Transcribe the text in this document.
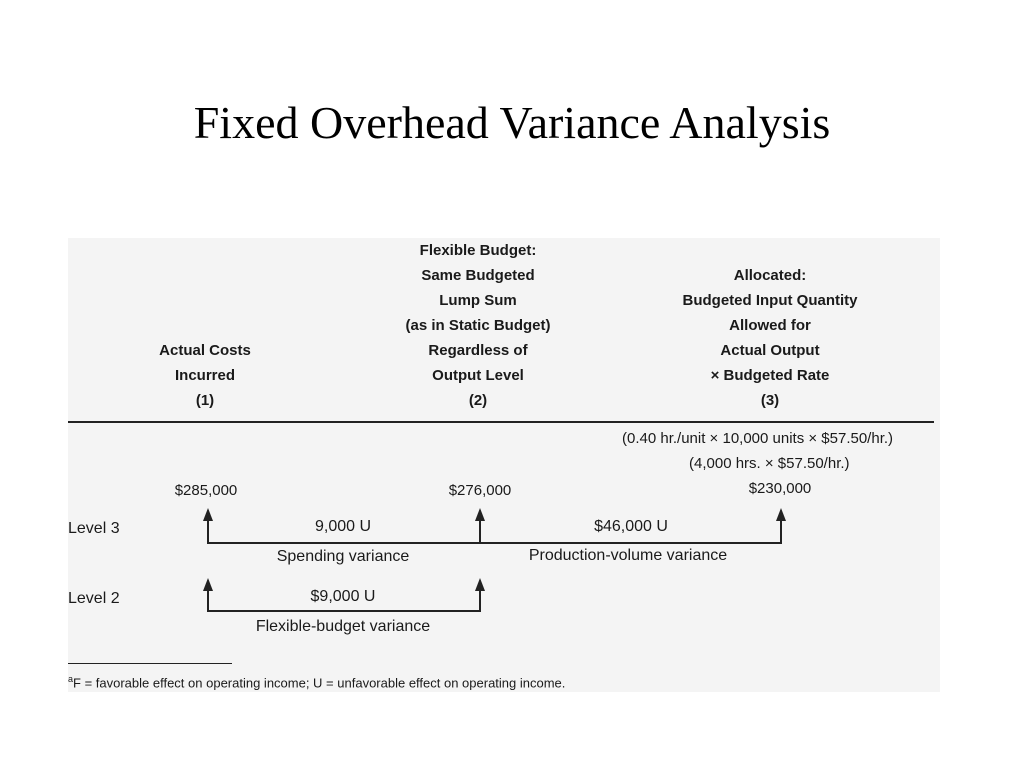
Fixed Overhead Variance Analysis
Actual Costs
Incurred
(1)
Flexible Budget:
Same Budgeted
Lump Sum
(as in Static Budget)
Regardless of
Output Level
(2)
Allocated:
Budgeted Input Quantity
Allowed for
Actual Output
× Budgeted Rate
(3)
(0.40 hr./unit × 10,000 units × $57.50/hr.)
(4,000 hrs. × $57.50/hr.)
$285,000	$276,000	$230,000
Level 3	9,000 U
Spending variance
$46,000 U
Production-volume variance
Level 2	$9,000 U
Flexible-budget variance
$^a$F = favorable effect on operating income; U = unfavorable effect on operating income.
